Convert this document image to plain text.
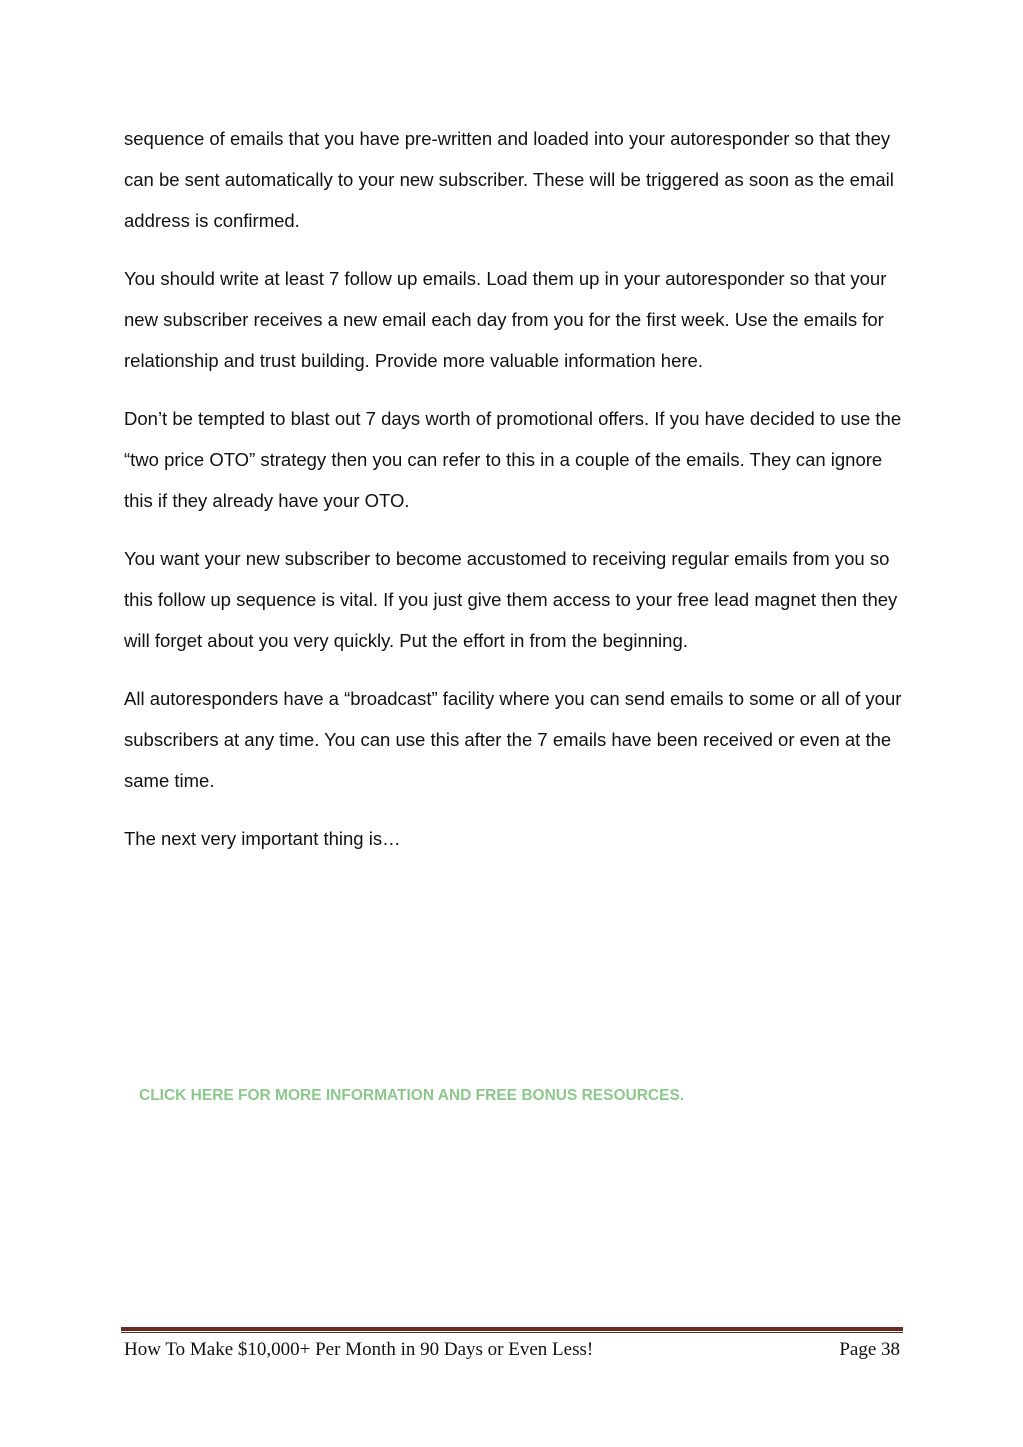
sequence of emails that you have pre-written and loaded into your autoresponder so that they can be sent automatically to your new subscriber. These will be triggered as soon as the email address is confirmed.

You should write at least 7 follow up emails. Load them up in your autoresponder so that your new subscriber receives a new email each day from you for the first week. Use the emails for relationship and trust building. Provide more valuable information here.

Don’t be tempted to blast out 7 days worth of promotional offers. If you have decided to use the “two price OTO” strategy then you can refer to this in a couple of the emails. They can ignore this if they already have your OTO.

You want your new subscriber to become accustomed to receiving regular emails from you so this follow up sequence is vital. If you just give them access to your free lead magnet then they will forget about you very quickly. Put the effort in from the beginning.

All autoresponders have a “broadcast” facility where you can send emails to some or all of your subscribers at any time. You can use this after the 7 emails have been received or even at the same time.

The next very important thing is…

CLICK HERE FOR MORE INFORMATION AND FREE BONUS RESOURCES.
How To Make $10,000+ Per Month in 90 Days or Even Less!	Page 38
